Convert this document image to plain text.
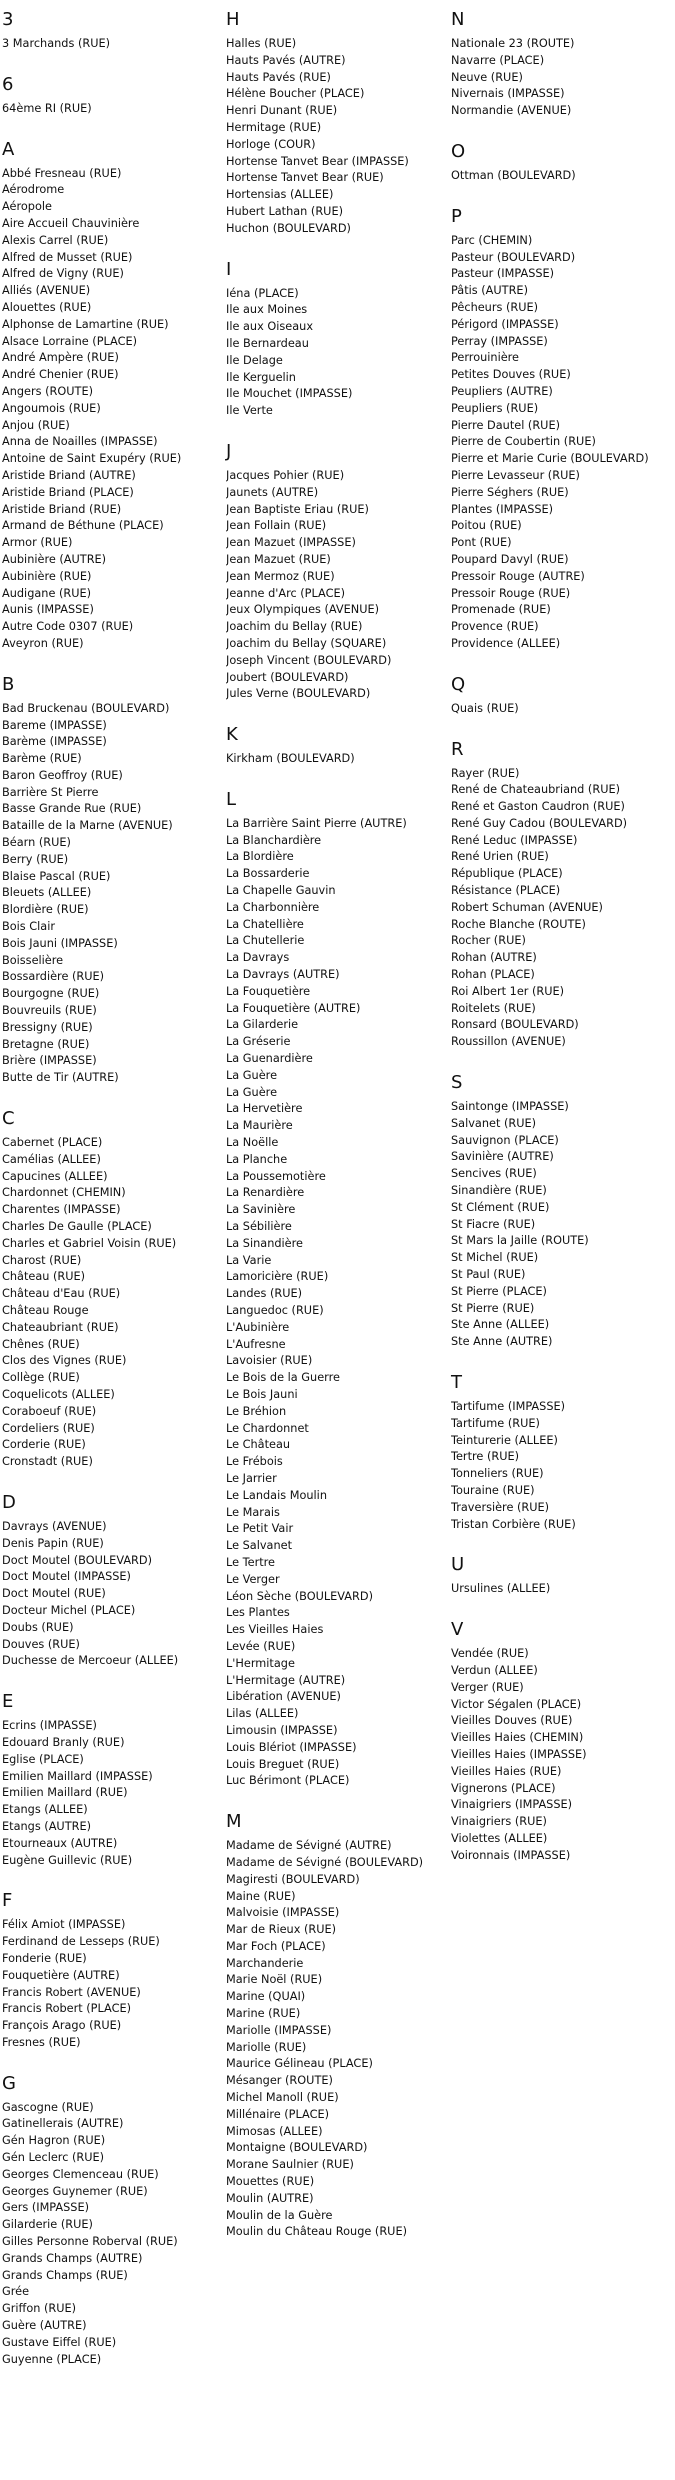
3
3 Marchands (RUE)
6
64ème RI (RUE)
A
Abbé Fresneau (RUE)
Aérodrome
Aéropole
Aire Accueil Chauvinière
Alexis Carrel (RUE)
Alfred de Musset (RUE)
Alfred de Vigny (RUE)
Alliés (AVENUE)
Alouettes (RUE)
Alphonse de Lamartine (RUE)
Alsace Lorraine (PLACE)
André Ampère (RUE)
André Chenier (RUE)
Angers (ROUTE)
Angoumois (RUE)
Anjou (RUE)
Anna de Noailles (IMPASSE)
Antoine de Saint Exupéry (RUE)
Aristide Briand (AUTRE)
Aristide Briand (PLACE)
Aristide Briand (RUE)
Armand de Béthune (PLACE)
Armor (RUE)
Aubinière (AUTRE)
Aubinière (RUE)
Audigane (RUE)
Aunis (IMPASSE)
Autre Code 0307 (RUE)
Aveyron (RUE)
B
Bad Bruckenau (BOULEVARD)
Bareme (IMPASSE)
Barème (IMPASSE)
Barème (RUE)
Baron Geoffroy (RUE)
Barrière St Pierre
Basse Grande Rue (RUE)
Bataille de la Marne (AVENUE)
Béarn (RUE)
Berry (RUE)
Blaise Pascal (RUE)
Bleuets (ALLEE)
Blordière (RUE)
Bois Clair
Bois Jauni (IMPASSE)
Boisselière
Bossardière (RUE)
Bourgogne (RUE)
Bouvreuils (RUE)
Bressigny (RUE)
Bretagne (RUE)
Brière (IMPASSE)
Butte de Tir (AUTRE)
C
Cabernet (PLACE)
Camélias (ALLEE)
Capucines (ALLEE)
Chardonnet (CHEMIN)
Charentes (IMPASSE)
Charles De Gaulle (PLACE)
Charles et Gabriel Voisin (RUE)
Charost (RUE)
Château (RUE)
Château d'Eau (RUE)
Château Rouge
Chateaubriant (RUE)
Chênes (RUE)
Clos des Vignes (RUE)
Collège (RUE)
Coquelicots (ALLEE)
Coraboeuf (RUE)
Cordeliers (RUE)
Corderie (RUE)
Cronstadt (RUE)
D
Davrays (AVENUE)
Denis Papin (RUE)
Doct Moutel (BOULEVARD)
Doct Moutel (IMPASSE)
Doct Moutel (RUE)
Docteur Michel (PLACE)
Doubs (RUE)
Douves (RUE)
Duchesse de Mercoeur (ALLEE)
E
Ecrins (IMPASSE)
Edouard Branly (RUE)
Eglise (PLACE)
Emilien Maillard (IMPASSE)
Emilien Maillard (RUE)
Etangs (ALLEE)
Etangs (AUTRE)
Etourneaux (AUTRE)
Eugène Guillevic (RUE)
F
Félix Amiot (IMPASSE)
Ferdinand de Lesseps (RUE)
Fonderie (RUE)
Fouquetière (AUTRE)
Francis Robert (AVENUE)
Francis Robert (PLACE)
François Arago (RUE)
Fresnes (RUE)
G
Gascogne (RUE)
Gatinellerais (AUTRE)
Gén Hagron (RUE)
Gén Leclerc (RUE)
Georges Clemenceau (RUE)
Georges Guynemer (RUE)
Gers (IMPASSE)
Gilarderie (RUE)
Gilles Personne Roberval (RUE)
Grands Champs (AUTRE)
Grands Champs (RUE)
Grée
Griffon (RUE)
Guère (AUTRE)
Gustave Eiffel (RUE)
Guyenne (PLACE)
H
Halles (RUE)
Hauts Pavés (AUTRE)
Hauts Pavés (RUE)
Hélène Boucher (PLACE)
Henri Dunant (RUE)
Hermitage (RUE)
Horloge (COUR)
Hortense Tanvet Bear (IMPASSE)
Hortense Tanvet Bear (RUE)
Hortensias (ALLEE)
Hubert Lathan (RUE)
Huchon (BOULEVARD)
I
Iéna (PLACE)
Ile aux Moines
Ile aux Oiseaux
Ile Bernardeau
Ile Delage
Ile Kerguelin
Ile Mouchet (IMPASSE)
Ile Verte
J
Jacques Pohier (RUE)
Jaunets (AUTRE)
Jean Baptiste Eriau (RUE)
Jean Follain (RUE)
Jean Mazuet (IMPASSE)
Jean Mazuet (RUE)
Jean Mermoz (RUE)
Jeanne d'Arc (PLACE)
Jeux Olympiques (AVENUE)
Joachim du Bellay (RUE)
Joachim du Bellay (SQUARE)
Joseph Vincent (BOULEVARD)
Joubert (BOULEVARD)
Jules Verne (BOULEVARD)
K
Kirkham (BOULEVARD)
L
La Barrière Saint Pierre (AUTRE)
La Blanchardière
La Blordière
La Bossarderie
La Chapelle Gauvin
La Charbonnière
La Chatellière
La Chutellerie
La Davrays
La Davrays (AUTRE)
La Fouquetière
La Fouquetière (AUTRE)
La Gilarderie
La Gréserie
La Guenardière
La Guère
La Guère
La Hervetière
La Maurière
La Noëlle
La Planche
La Poussemotière
La Renardière
La Savinière
La Sébilière
La Sinandière
La Varie
Lamoricière (RUE)
Landes (RUE)
Languedoc (RUE)
L'Aubinière
L'Aufresne
Lavoisier (RUE)
Le Bois de la Guerre
Le Bois Jauni
Le Bréhion
Le Chardonnet
Le Château
Le Frébois
Le Jarrier
Le Landais Moulin
Le Marais
Le Petit Vair
Le Salvanet
Le Tertre
Le Verger
Léon Sèche (BOULEVARD)
Les Plantes
Les Vieilles Haies
Levée (RUE)
L'Hermitage
L'Hermitage (AUTRE)
Libération (AVENUE)
Lilas (ALLEE)
Limousin (IMPASSE)
Louis Blériot (IMPASSE)
Louis Breguet (RUE)
Luc Bérimont (PLACE)
M
Madame de Sévigné (AUTRE)
Madame de Sévigné (BOULEVARD)
Magiresti (BOULEVARD)
Maine (RUE)
Malvoisie (IMPASSE)
Mar de Rieux (RUE)
Mar Foch (PLACE)
Marchanderie
Marie Noël (RUE)
Marine (QUAI)
Marine (RUE)
Mariolle (IMPASSE)
Mariolle (RUE)
Maurice Gélineau (PLACE)
Mésanger (ROUTE)
Michel Manoll (RUE)
Millénaire (PLACE)
Mimosas (ALLEE)
Montaigne (BOULEVARD)
Morane Saulnier (RUE)
Mouettes (RUE)
Moulin (AUTRE)
Moulin de la Guère
Moulin du Château Rouge (RUE)
N
Nationale 23 (ROUTE)
Navarre (PLACE)
Neuve (RUE)
Nivernais (IMPASSE)
Normandie (AVENUE)
O
Ottman (BOULEVARD)
P
Parc (CHEMIN)
Pasteur (BOULEVARD)
Pasteur (IMPASSE)
Pâtis (AUTRE)
Pêcheurs (RUE)
Périgord (IMPASSE)
Perray (IMPASSE)
Perrouinière
Petites Douves (RUE)
Peupliers (AUTRE)
Peupliers (RUE)
Pierre Dautel (RUE)
Pierre de Coubertin (RUE)
Pierre et Marie Curie (BOULEVARD)
Pierre Levasseur (RUE)
Pierre Séghers (RUE)
Plantes (IMPASSE)
Poitou (RUE)
Pont (RUE)
Poupard Davyl (RUE)
Pressoir Rouge (AUTRE)
Pressoir Rouge (RUE)
Promenade (RUE)
Provence (RUE)
Providence (ALLEE)
Q
Quais (RUE)
R
Rayer (RUE)
René de Chateaubriand (RUE)
René et Gaston Caudron (RUE)
René Guy Cadou (BOULEVARD)
René Leduc (IMPASSE)
René Urien (RUE)
République (PLACE)
Résistance (PLACE)
Robert Schuman (AVENUE)
Roche Blanche (ROUTE)
Rocher (RUE)
Rohan (AUTRE)
Rohan (PLACE)
Roi Albert 1er (RUE)
Roitelets (RUE)
Ronsard (BOULEVARD)
Roussillon (AVENUE)
S
Saintonge (IMPASSE)
Salvanet (RUE)
Sauvignon (PLACE)
Savinière (AUTRE)
Sencives (RUE)
Sinandière (RUE)
St Clément (RUE)
St Fiacre (RUE)
St Mars la Jaille (ROUTE)
St Michel (RUE)
St Paul (RUE)
St Pierre (PLACE)
St Pierre (RUE)
Ste Anne (ALLEE)
Ste Anne (AUTRE)
T
Tartifume (IMPASSE)
Tartifume (RUE)
Teinturerie (ALLEE)
Tertre (RUE)
Tonneliers (RUE)
Touraine (RUE)
Traversière (RUE)
Tristan Corbière (RUE)
U
Ursulines (ALLEE)
V
Vendée (RUE)
Verdun (ALLEE)
Verger (RUE)
Victor Ségalen (PLACE)
Vieilles Douves (RUE)
Vieilles Haies (CHEMIN)
Vieilles Haies (IMPASSE)
Vieilles Haies (RUE)
Vignerons (PLACE)
Vinaigriers (IMPASSE)
Vinaigriers (RUE)
Violettes (ALLEE)
Voironnais (IMPASSE)
